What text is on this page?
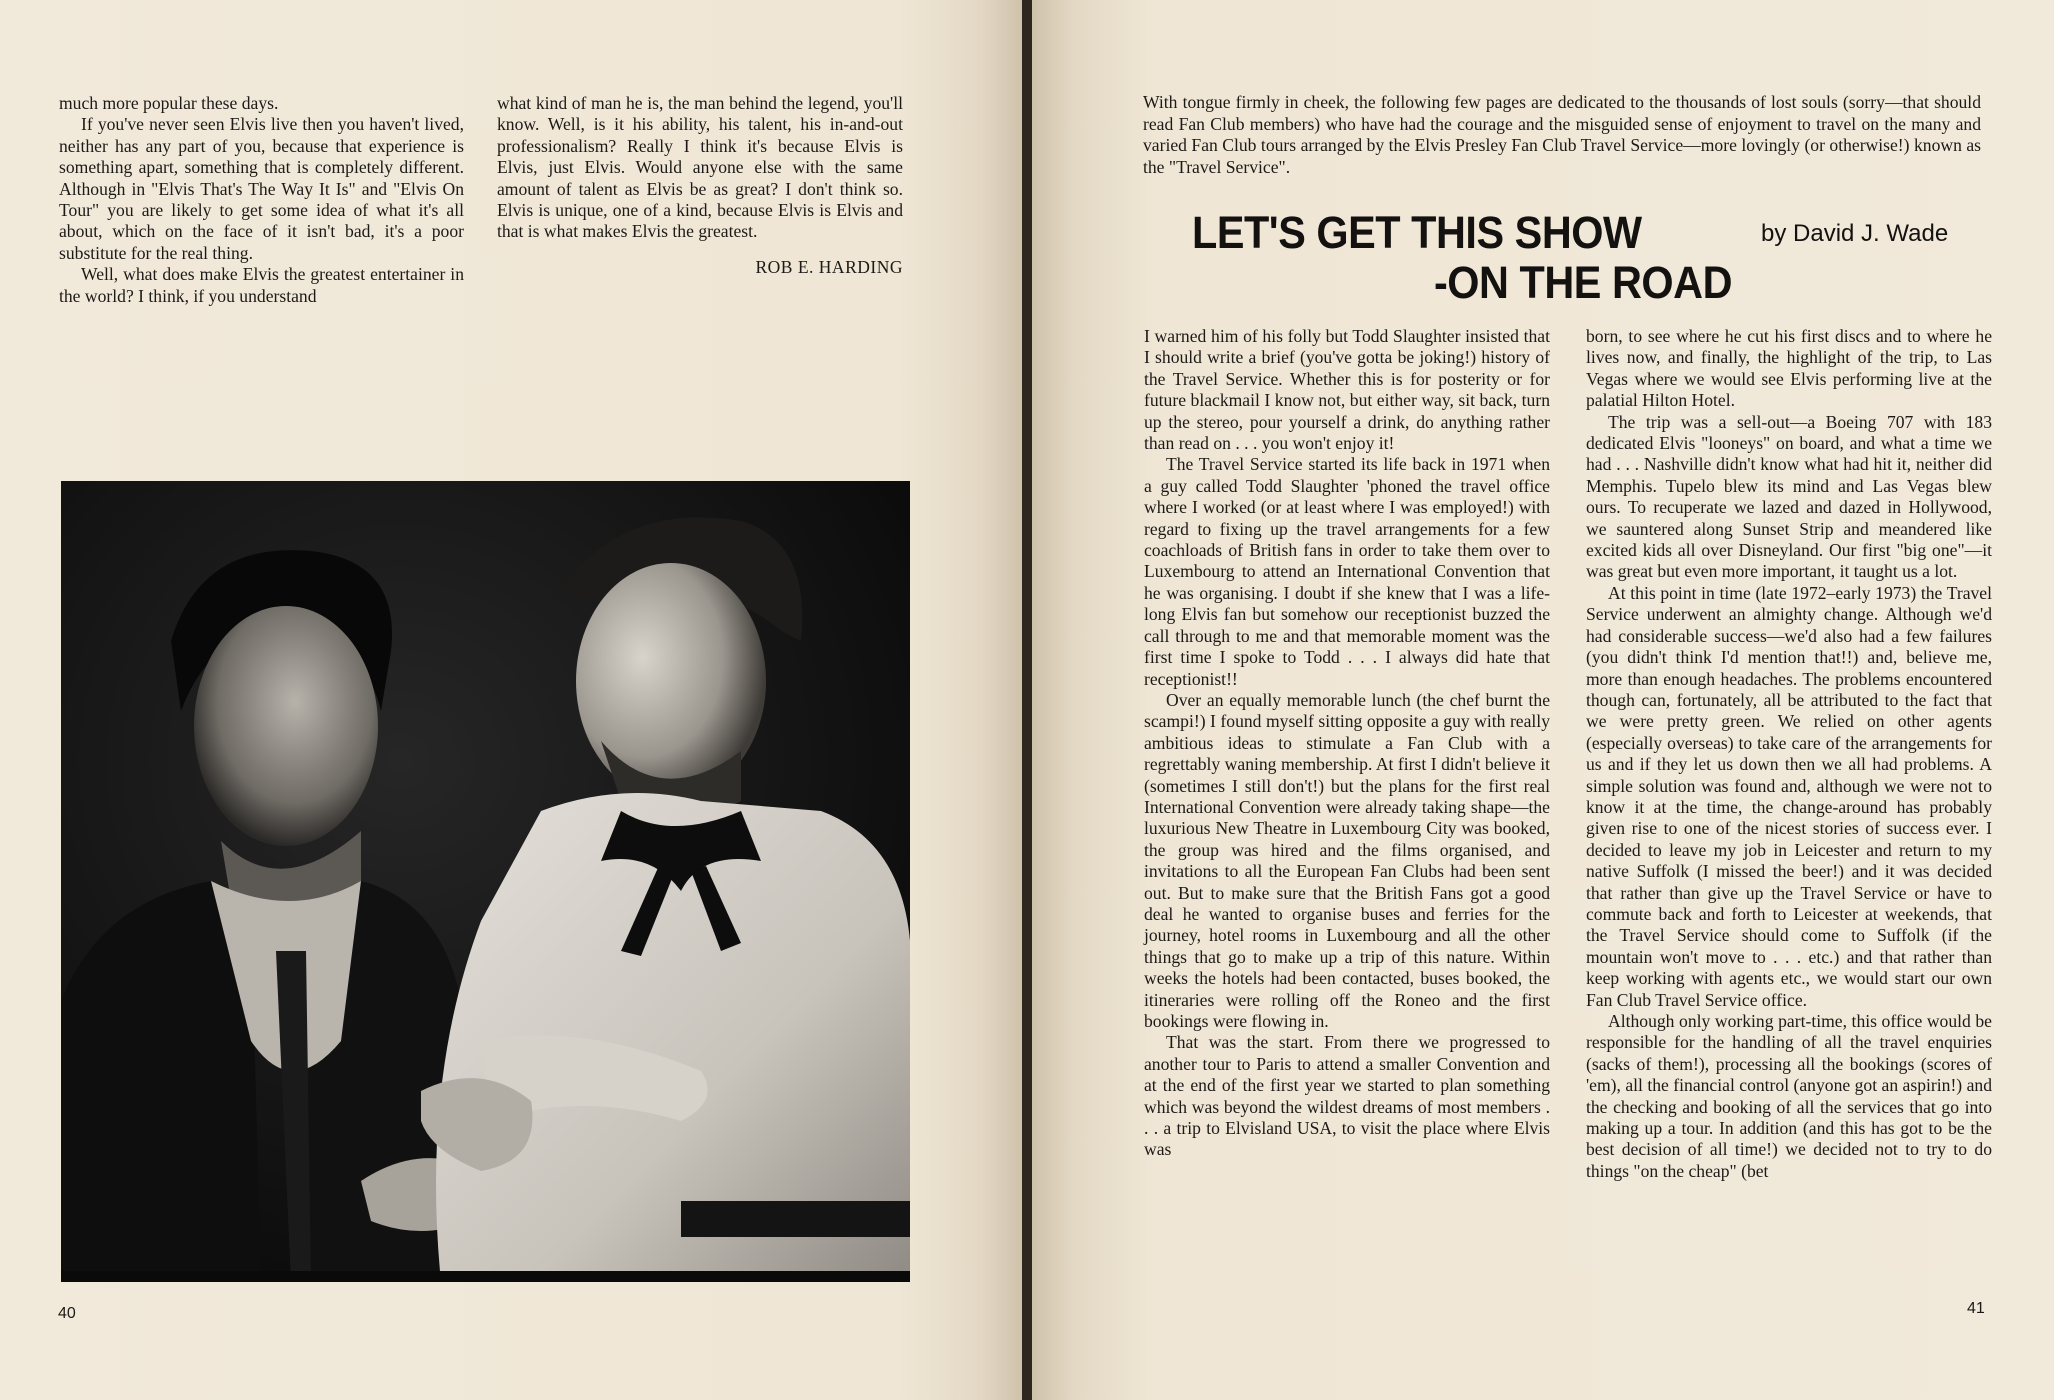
much more popular these days.

If you've never seen Elvis live then you haven't lived, neither has any part of you, because that experience is something apart, something that is completely different. Although in "Elvis That's The Way It Is" and "Elvis On Tour" you are likely to get some idea of what it's all about, which on the face of it isn't bad, it's a poor substitute for the real thing.

Well, what does make Elvis the greatest entertainer in the world? I think, if you understand

what kind of man he is, the man behind the legend, you'll know. Well, is it his ability, his talent, his in-and-out professionalism? Really I think it's because Elvis is Elvis, just Elvis. Would anyone else with the same amount of talent as Elvis be as great? I don't think so. Elvis is unique, one of a kind, because Elvis is Elvis and that is what makes Elvis the greatest.

ROB E. HARDING
40
With tongue firmly in cheek, the following few pages are dedicated to the thousands of lost souls (sorry—that should read Fan Club members) who have had the courage and the misguided sense of enjoyment to travel on the many and varied Fan Club tours arranged by the Elvis Presley Fan Club Travel Service—more lovingly (or otherwise!) known as the "Travel Service".
LET'S GET THIS SHOW
-ON THE ROAD
by David J. Wade

I warned him of his folly but Todd Slaughter insisted that I should write a brief (you've gotta be joking!) history of the Travel Service. Whether this is for posterity or for future blackmail I know not, but either way, sit back, turn up the stereo, pour yourself a drink, do anything rather than read on . . . you won't enjoy it!

The Travel Service started its life back in 1971 when a guy called Todd Slaughter 'phoned the travel office where I worked (or at least where I was employed!) with regard to fixing up the travel arrangements for a few coachloads of British fans in order to take them over to Luxembourg to attend an International Convention that he was organising. I doubt if she knew that I was a life-long Elvis fan but somehow our receptionist buzzed the call through to me and that memorable moment was the first time I spoke to Todd . . . I always did hate that receptionist!!

Over an equally memorable lunch (the chef burnt the scampi!) I found myself sitting opposite a guy with really ambitious ideas to stimulate a Fan Club with a regrettably waning membership. At first I didn't believe it (sometimes I still don't!) but the plans for the first real International Convention were already taking shape—the luxurious New Theatre in Luxembourg City was booked, the group was hired and the films organised, and invitations to all the European Fan Clubs had been sent out. But to make sure that the British Fans got a good deal he wanted to organise buses and ferries for the journey, hotel rooms in Luxembourg and all the other things that go to make up a trip of this nature. Within weeks the hotels had been contacted, buses booked, the itineraries were rolling off the Roneo and the first bookings were flowing in.

That was the start. From there we progressed to another tour to Paris to attend a smaller Convention and at the end of the first year we started to plan something which was beyond the wildest dreams of most members . . . a trip to Elvisland USA, to visit the place where Elvis was

born, to see where he cut his first discs and to where he lives now, and finally, the highlight of the trip, to Las Vegas where we would see Elvis performing live at the palatial Hilton Hotel.

The trip was a sell-out—a Boeing 707 with 183 dedicated Elvis "looneys" on board, and what a time we had . . . Nashville didn't know what had hit it, neither did Memphis. Tupelo blew its mind and Las Vegas blew ours. To recuperate we lazed and dazed in Hollywood, we sauntered along Sunset Strip and meandered like excited kids all over Disneyland. Our first "big one"—it was great but even more important, it taught us a lot.

At this point in time (late 1972–early 1973) the Travel Service underwent an almighty change. Although we'd had considerable success—we'd also had a few failures (you didn't think I'd mention that!!) and, believe me, more than enough headaches. The problems encountered though can, fortunately, all be attributed to the fact that we were pretty green. We relied on other agents (especially overseas) to take care of the arrangements for us and if they let us down then we all had problems. A simple solution was found and, although we were not to know it at the time, the change-around has probably given rise to one of the nicest stories of success ever. I decided to leave my job in Leicester and return to my native Suffolk (I missed the beer!) and it was decided that rather than give up the Travel Service or have to commute back and forth to Leicester at weekends, that the Travel Service should come to Suffolk (if the mountain won't move to . . . etc.) and that rather than keep working with agents etc., we would start our own Fan Club Travel Service office.

Although only working part-time, this office would be responsible for the handling of all the travel enquiries (sacks of them!), processing all the bookings (scores of 'em), all the financial control (anyone got an aspirin!) and the checking and booking of all the services that go into making up a tour. In addition (and this has got to be the best decision of all time!) we decided not to try to do things "on the cheap" (bet

41
